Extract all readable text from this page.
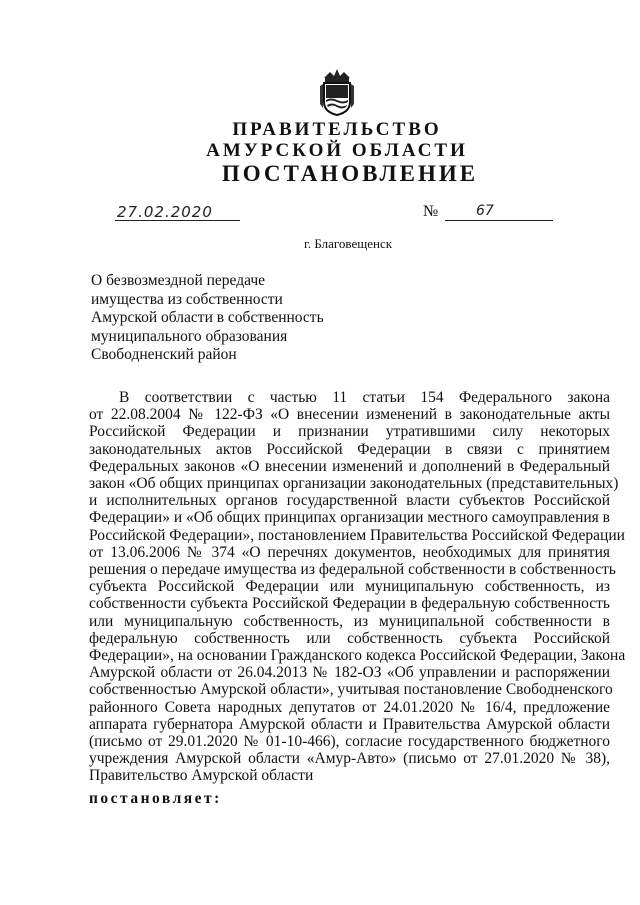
ПРАВИТЕЛЬСТВО
АМУРСКОЙ ОБЛАСТИ
ПОСТАНОВЛЕНИЕ
27.02.2020	№	67
г. Благовещенск
О безвозмездной передаче
имущества из собственности
Амурской области в собственность
муниципального образования
Свободненский район
В соответствии с частью 11 статьи 154 Федерального закона
от 22.08.2004 № 122-ФЗ «О внесении изменений в законодательные акты
Российской Федерации и признании утратившими силу некоторых
законодательных актов Российской Федерации в связи с принятием
Федеральных законов «О внесении изменений и дополнений в Федеральный
закон «Об общих принципах организации законодательных (представительных)
и исполнительных органов государственной власти субъектов Российской
Федерации» и «Об общих принципах организации местного самоуправления в
Российской Федерации», постановлением Правительства Российской Федерации
от 13.06.2006 № 374 «О перечнях документов, необходимых для принятия
решения о передаче имущества из федеральной собственности в собственность
субъекта Российской Федерации или муниципальную собственность, из
собственности субъекта Российской Федерации в федеральную собственность
или муниципальную собственность, из муниципальной собственности в
федеральную собственность или собственность субъекта Российской
Федерации», на основании Гражданского кодекса Российской Федерации, Закона
Амурской области от 26.04.2013 № 182-ОЗ «Об управлении и распоряжении
собственностью Амурской области», учитывая постановление Свободненского
районного Совета народных депутатов от 24.01.2020 № 16/4, предложение
аппарата губернатора Амурской области и Правительства Амурской области
(письмо от 29.01.2020 № 01-10-466), согласие государственного бюджетного
учреждения Амурской области «Амур-Авто» (письмо от 27.01.2020 № 38),
Правительство Амурской области
постановляет:
